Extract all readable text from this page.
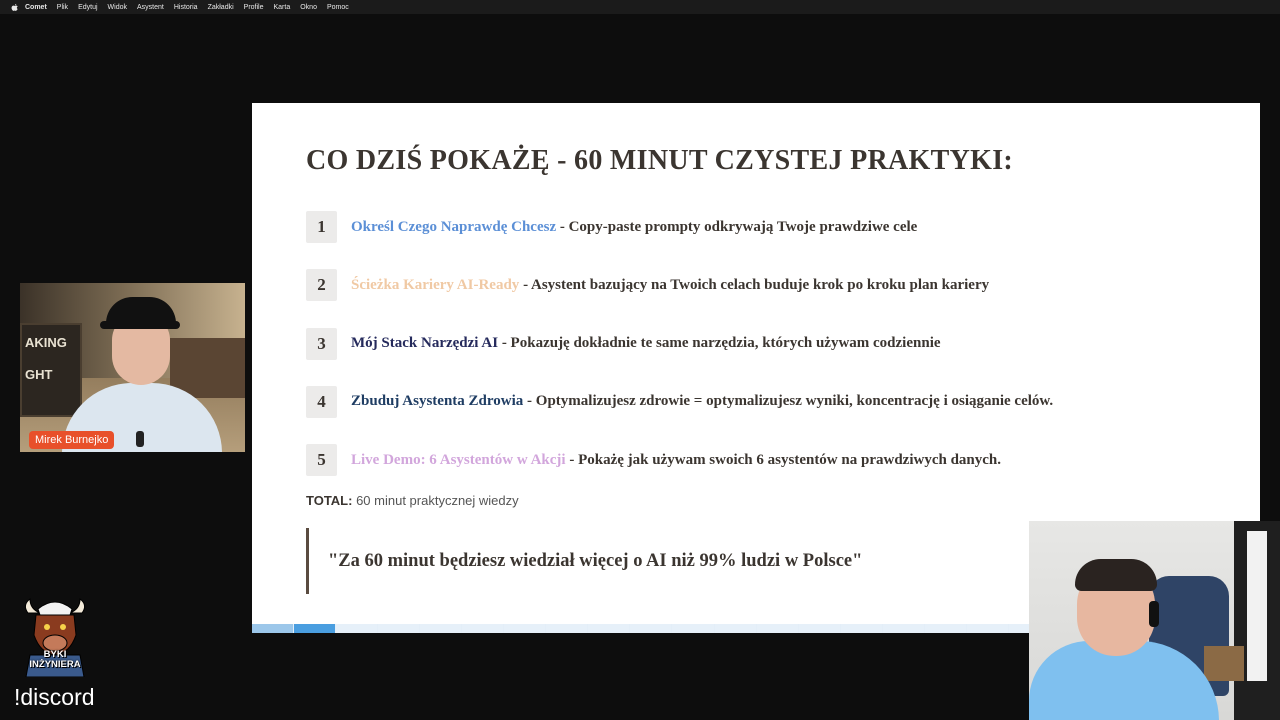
Comet Plik Edytuj Widok Asystent Historia Zakładki Profile Karta Okno Pomoc
CO DZIŚ POKAŻĘ - 60 MINUT CZYSTEJ PRAKTYKI:
1	Określ Czego Naprawdę Chcesz - Copy-paste prompty odkrywają Twoje prawdziwe cele
2	Ścieżka Kariery AI-Ready - Asystent bazujący na Twoich celach buduje krok po kroku plan kariery
3	Mój Stack Narzędzi AI - Pokazuję dokładnie te same narzędzia, których używam codziennie
4	Zbuduj Asystenta Zdrowia - Optymalizujesz zdrowie = optymalizujesz wyniki, koncentrację i osiąganie celów.
5	Live Demo: 6 Asystentów w Akcji - Pokażę jak używam swoich 6 asystentów na prawdziwych danych.
TOTAL: 60 minut praktycznej wiedzy
"Za 60 minut będziesz wiedział więcej o AI niż 99% ludzi w Polsce"
AKING
GHT
Mirek Burnejko
BYKI
INŻYNIERA
!discord
